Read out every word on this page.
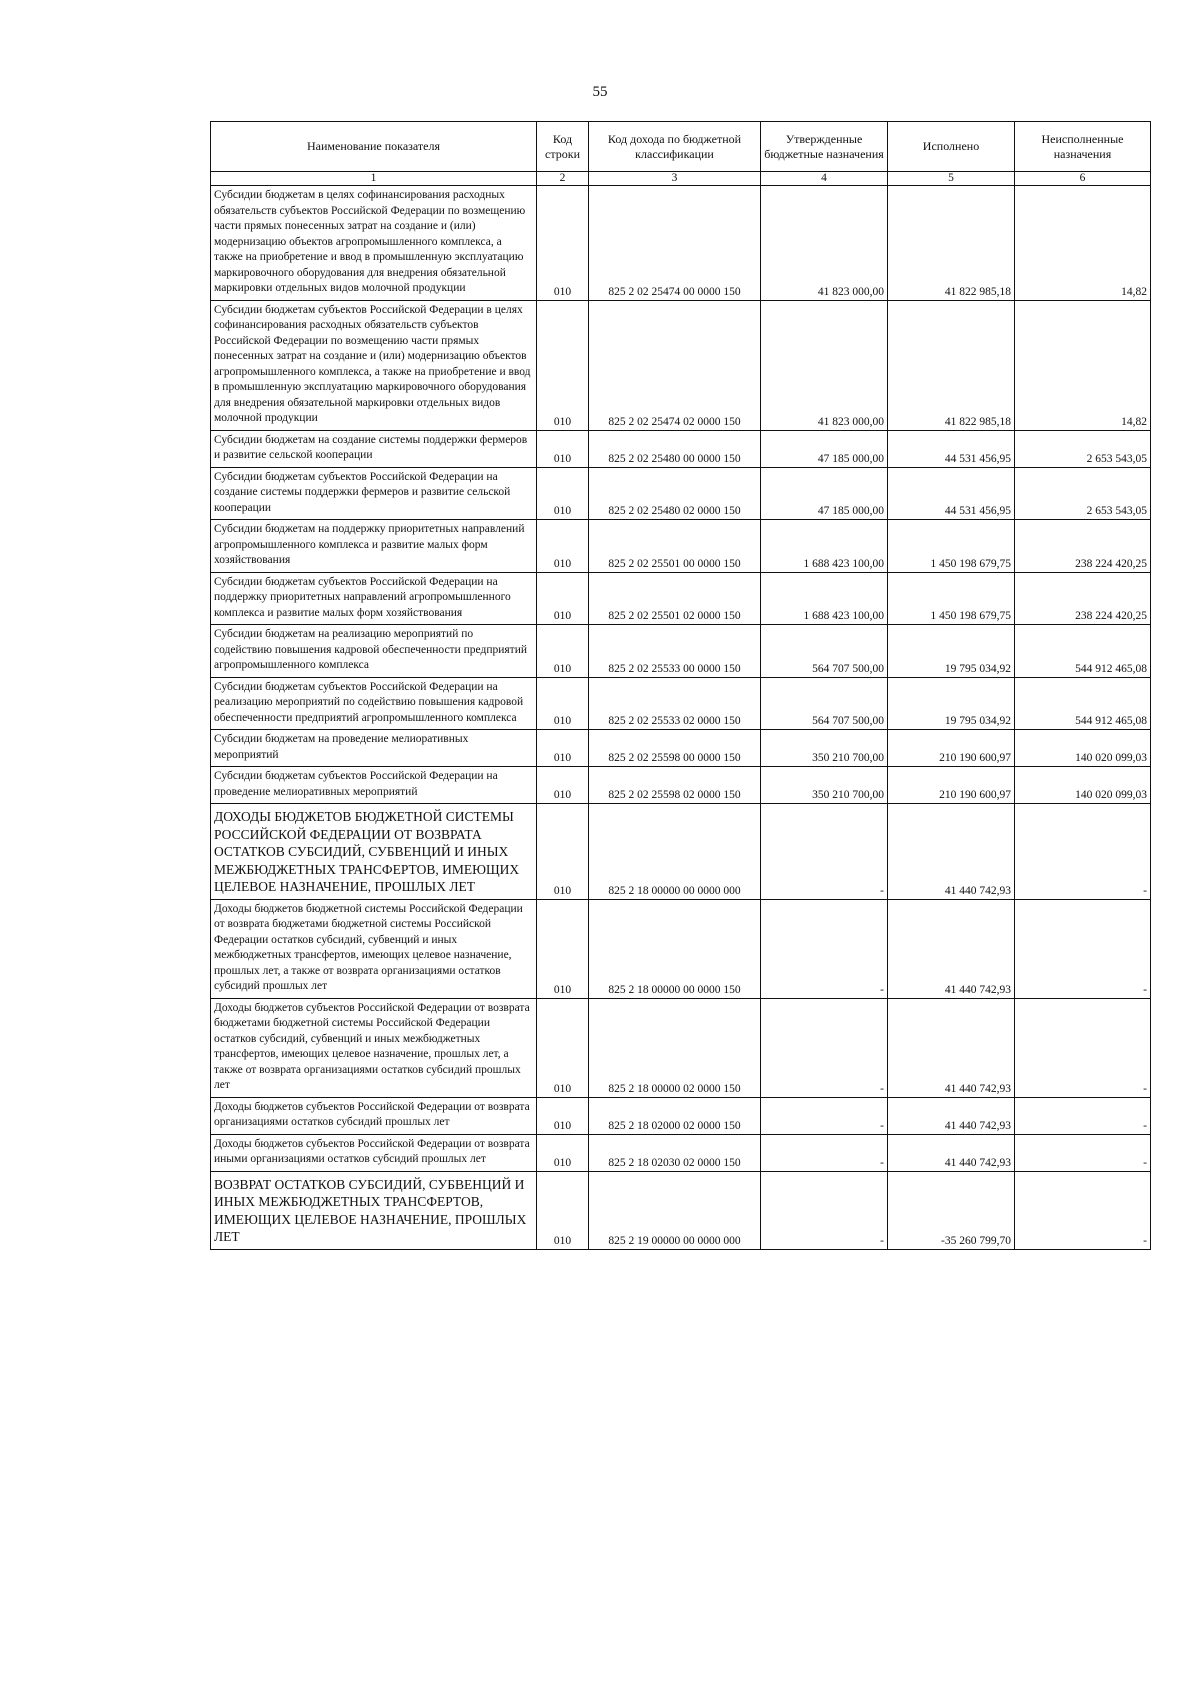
55
Наименование показателя	Код строки	Код дохода по бюджетной классификации	Утвержденные бюджетные назначения	Исполнено	Неисполненные назначения
1	2	3	4	5	6
Субсидии бюджетам в целях софинансирования расходных обязательств субъектов Российской Федерации по возмещению части прямых понесенных затрат на создание и (или) модернизацию объектов агропромышленного комплекса, а также на приобретение и ввод в промышленную эксплуатацию маркировочного оборудования для внедрения обязательной маркировки отдельных видов молочной продукции	010	825 2 02 25474 00 0000 150	41 823 000,00	41 822 985,18	14,82
Субсидии бюджетам субъектов Российской Федерации в целях софинансирования расходных обязательств субъектов Российской Федерации по возмещению части прямых понесенных затрат на создание и (или) модернизацию объектов агропромышленного комплекса, а также на приобретение и ввод в промышленную эксплуатацию маркировочного оборудования для внедрения обязательной маркировки отдельных видов молочной продукции	010	825 2 02 25474 02 0000 150	41 823 000,00	41 822 985,18	14,82
Субсидии бюджетам на создание системы поддержки фермеров и развитие сельской кооперации	010	825 2 02 25480 00 0000 150	47 185 000,00	44 531 456,95	2 653 543,05
Субсидии бюджетам субъектов Российской Федерации на создание системы поддержки фермеров и развитие сельской кооперации	010	825 2 02 25480 02 0000 150	47 185 000,00	44 531 456,95	2 653 543,05
Субсидии бюджетам на поддержку приоритетных направлений агропромышленного комплекса и развитие малых форм хозяйствования	010	825 2 02 25501 00 0000 150	1 688 423 100,00	1 450 198 679,75	238 224 420,25
Субсидии бюджетам субъектов Российской Федерации на поддержку приоритетных направлений агропромышленного комплекса и развитие малых форм хозяйствования	010	825 2 02 25501 02 0000 150	1 688 423 100,00	1 450 198 679,75	238 224 420,25
Субсидии бюджетам на реализацию мероприятий по содействию повышения кадровой обеспеченности предприятий агропромышленного комплекса	010	825 2 02 25533 00 0000 150	564 707 500,00	19 795 034,92	544 912 465,08
Субсидии бюджетам субъектов Российской Федерации на реализацию мероприятий по содействию повышения кадровой обеспеченности предприятий агропромышленного комплекса	010	825 2 02 25533 02 0000 150	564 707 500,00	19 795 034,92	544 912 465,08
Субсидии бюджетам на проведение мелиоративных мероприятий	010	825 2 02 25598 00 0000 150	350 210 700,00	210 190 600,97	140 020 099,03
Субсидии бюджетам субъектов Российской Федерации на проведение мелиоративных мероприятий	010	825 2 02 25598 02 0000 150	350 210 700,00	210 190 600,97	140 020 099,03
ДОХОДЫ БЮДЖЕТОВ БЮДЖЕТНОЙ СИСТЕМЫ РОССИЙСКОЙ ФЕДЕРАЦИИ ОТ ВОЗВРАТА ОСТАТКОВ СУБСИДИЙ, СУБВЕНЦИЙ И ИНЫХ МЕЖБЮДЖЕТНЫХ ТРАНСФЕРТОВ, ИМЕЮЩИХ ЦЕЛЕВОЕ НАЗНАЧЕНИЕ, ПРОШЛЫХ ЛЕТ	010	825 2 18 00000 00 0000 000	-	41 440 742,93	-
Доходы бюджетов бюджетной системы Российской Федерации от возврата бюджетами бюджетной системы Российской Федерации остатков субсидий, субвенций и иных межбюджетных трансфертов, имеющих целевое назначение, прошлых лет, а также от возврата организациями остатков субсидий прошлых лет	010	825 2 18 00000 00 0000 150	-	41 440 742,93	-
Доходы бюджетов субъектов Российской Федерации от возврата бюджетами бюджетной системы Российской Федерации остатков субсидий, субвенций и иных межбюджетных трансфертов, имеющих целевое назначение, прошлых лет, а также от возврата организациями остатков субсидий прошлых лет	010	825 2 18 00000 02 0000 150	-	41 440 742,93	-
Доходы бюджетов субъектов Российской Федерации от возврата организациями остатков субсидий прошлых лет	010	825 2 18 02000 02 0000 150	-	41 440 742,93	-
Доходы бюджетов субъектов Российской Федерации от возврата иными организациями остатков субсидий прошлых лет	010	825 2 18 02030 02 0000 150	-	41 440 742,93	-
ВОЗВРАТ ОСТАТКОВ СУБСИДИЙ, СУБВЕНЦИЙ И ИНЫХ МЕЖБЮДЖЕТНЫХ ТРАНСФЕРТОВ, ИМЕЮЩИХ ЦЕЛЕВОЕ НАЗНАЧЕНИЕ, ПРОШЛЫХ ЛЕТ	010	825 2 19 00000 00 0000 000	-	-35 260 799,70	-
